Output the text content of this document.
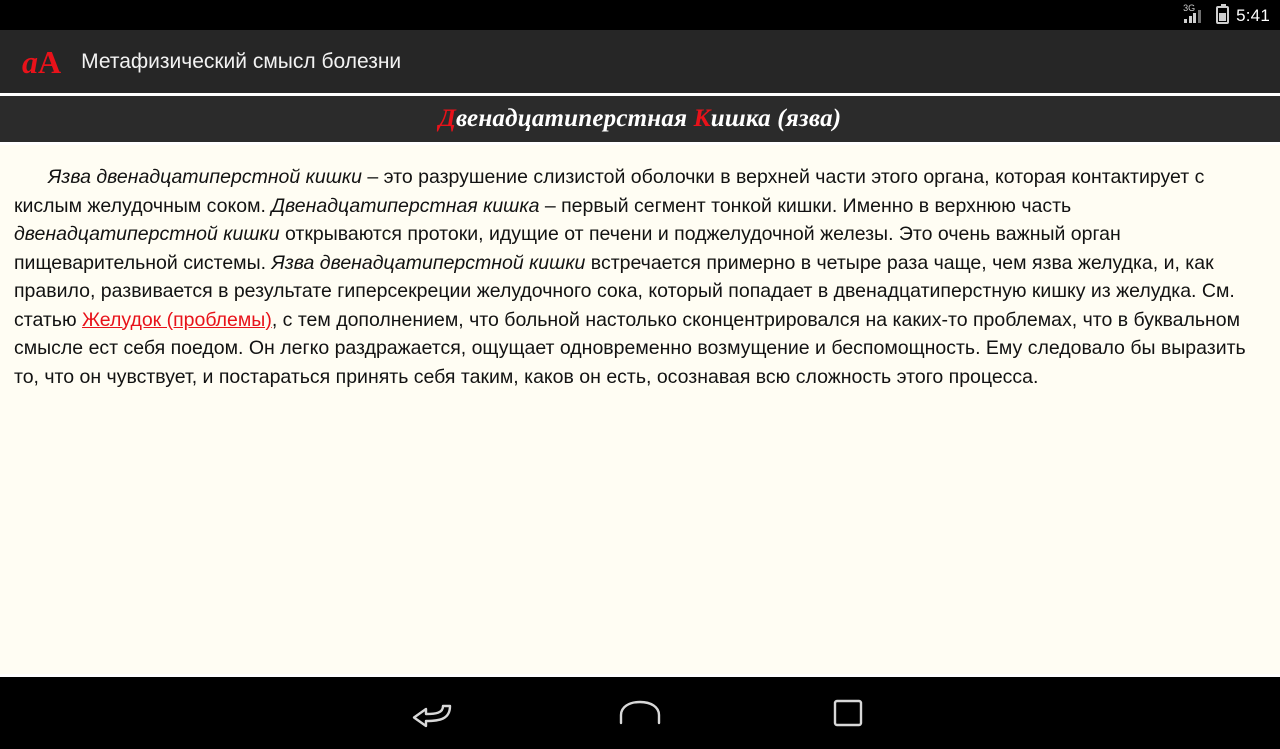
3G 5:41
aA Метафизический смысл болезни
Двенадцатиперстная Кишка (язва)

Язва двенадцатиперстной кишки – это разрушение слизистой оболочки в верхней части этого органа, которая контактирует с кислым желудочным соком. Двенадцатиперстная кишка – первый сегмент тонкой кишки. Именно в верхнюю часть двенадцатиперстной кишки открываются протоки, идущие от печени и поджелудочной железы. Это очень важный орган пищеварительной системы. Язва двенадцатиперстной кишки встречается примерно в четыре раза чаще, чем язва желудка, и, как правило, развивается в результате гиперсекреции желудочного сока, который попадает в двенадцатиперстную кишку из желудка. См. статью Желудок (проблемы), с тем дополнением, что больной настолько сконцентрировался на каких-то проблемах, что в буквальном смысле ест себя поедом. Он легко раздражается, ощущает одновременно возмущение и беспомощность. Ему следовало бы выразить то, что он чувствует, и постараться принять себя таким, каков он есть, осознавая всю сложность этого процесса.
